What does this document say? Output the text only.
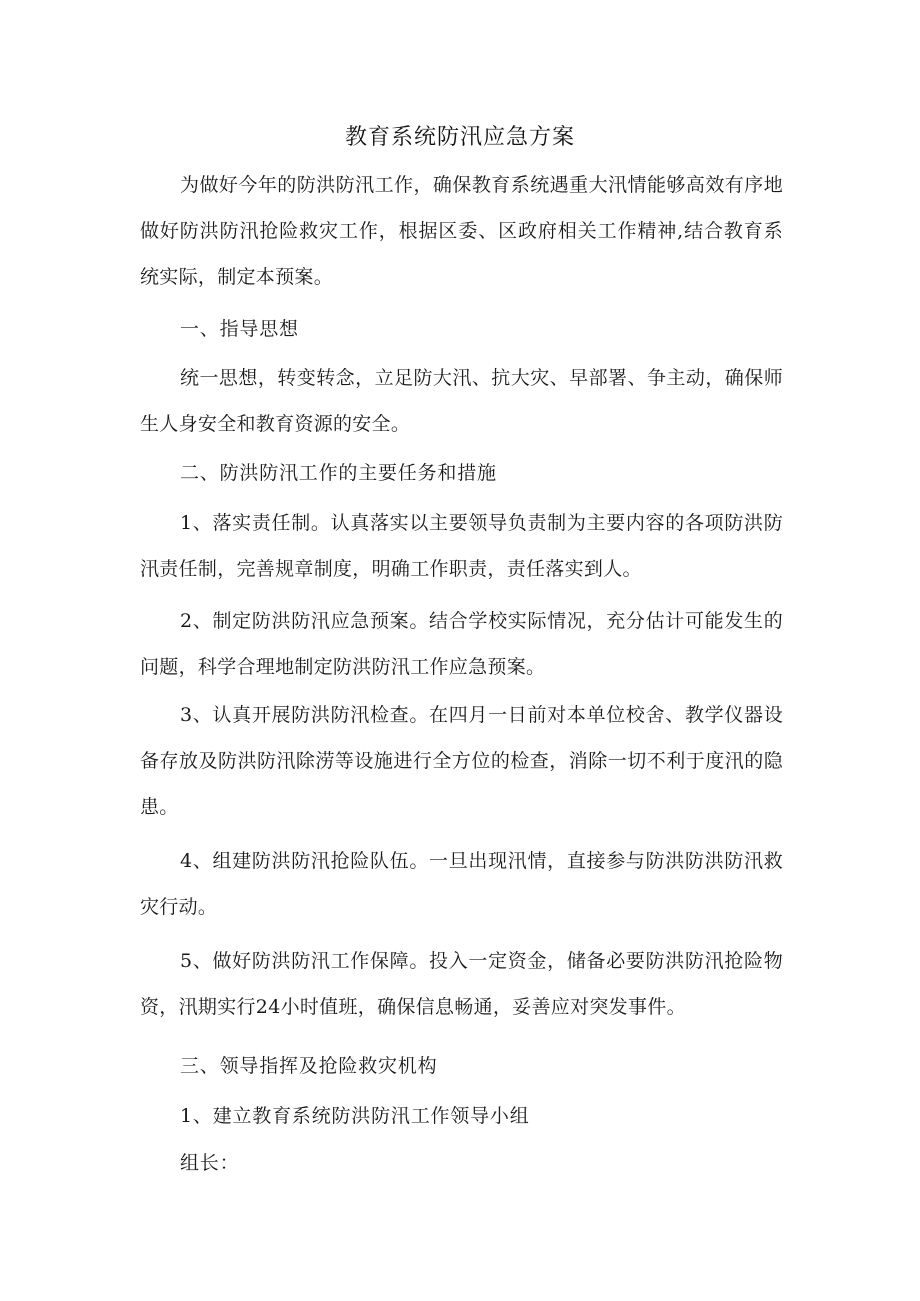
教育系统防汛应急方案
为做好今年的防洪防汛工作，确保教育系统遇重大汛情能够高效有序地做好防洪防汛抢险救灾工作，根据区委、区政府相关工作精神,结合教育系统实际，制定本预案。
一、指导思想
统一思想，转变转念，立足防大汛、抗大灾、早部署、争主动，确保师生人身安全和教育资源的安全。
二、防洪防汛工作的主要任务和措施
1、落实责任制。认真落实以主要领导负责制为主要内容的各项防洪防汛责任制，完善规章制度，明确工作职责，责任落实到人。
2、制定防洪防汛应急预案。结合学校实际情况，充分估计可能发生的问题，科学合理地制定防洪防汛工作应急预案。
3、认真开展防洪防汛检查。在四月一日前对本单位校舍、教学仪器设备存放及防洪防汛除涝等设施进行全方位的检查，消除一切不利于度汛的隐患。
4、组建防洪防汛抢险队伍。一旦出现汛情，直接参与防洪防洪防汛救灾行动。
5、做好防洪防汛工作保障。投入一定资金，储备必要防洪防汛抢险物资，汛期实行24小时值班，确保信息畅通，妥善应对突发事件。
三、领导指挥及抢险救灾机构
1、建立教育系统防洪防汛工作领导小组
组长：
